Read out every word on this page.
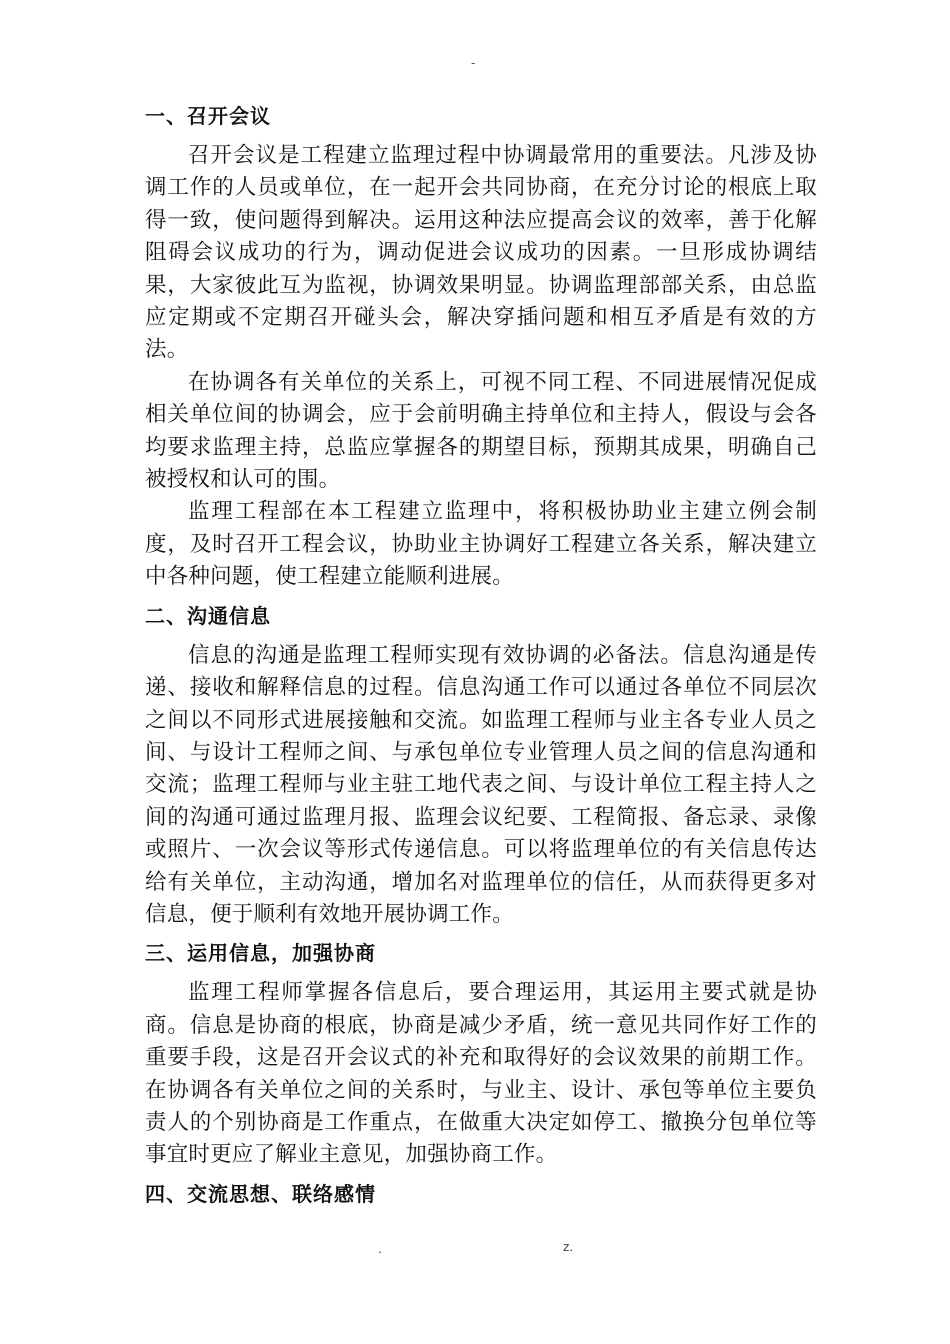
-
一、召开会议

召开会议是工程建立监理过程中协调最常用的重要法。凡涉及协调工作的人员或单位，在一起开会共同协商，在充分讨论的根底上取得一致，使问题得到解决。运用这种法应提高会议的效率，善于化解阻碍会议成功的行为，调动促进会议成功的因素。一旦形成协调结果，大家彼此互为监视，协调效果明显。协调监理部部关系，由总监应定期或不定期召开碰头会，解决穿插问题和相互矛盾是有效的方法。

在协调各有关单位的关系上，可视不同工程、不同进展情况促成相关单位间的协调会，应于会前明确主持单位和主持人，假设与会各均要求监理主持，总监应掌握各的期望目标，预期其成果，明确自己被授权和认可的围。

监理工程部在本工程建立监理中，将积极协助业主建立例会制度，及时召开工程会议，协助业主协调好工程建立各关系，解决建立中各种问题，使工程建立能顺利进展。

二、沟通信息

信息的沟通是监理工程师实现有效协调的必备法。信息沟通是传递、接收和解释信息的过程。信息沟通工作可以通过各单位不同层次之间以不同形式进展接触和交流。如监理工程师与业主各专业人员之间、与设计工程师之间、与承包单位专业管理人员之间的信息沟通和交流；监理工程师与业主驻工地代表之间、与设计单位工程主持人之间的沟通可通过监理月报、监理会议纪要、工程简报、备忘录、录像或照片、一次会议等形式传递信息。可以将监理单位的有关信息传达给有关单位，主动沟通，增加名对监理单位的信任，从而获得更多对信息，便于顺利有效地开展协调工作。

三、运用信息，加强协商

监理工程师掌握各信息后，要合理运用，其运用主要式就是协商。信息是协商的根底，协商是减少矛盾，统一意见共同作好工作的重要手段，这是召开会议式的补充和取得好的会议效果的前期工作。在协调各有关单位之间的关系时，与业主、设计、承包等单位主要负责人的个别协商是工作重点，在做重大决定如停工、撤换分包单位等事宜时更应了解业主意见，加强协商工作。

四、交流思想、联络感情
.	z.
